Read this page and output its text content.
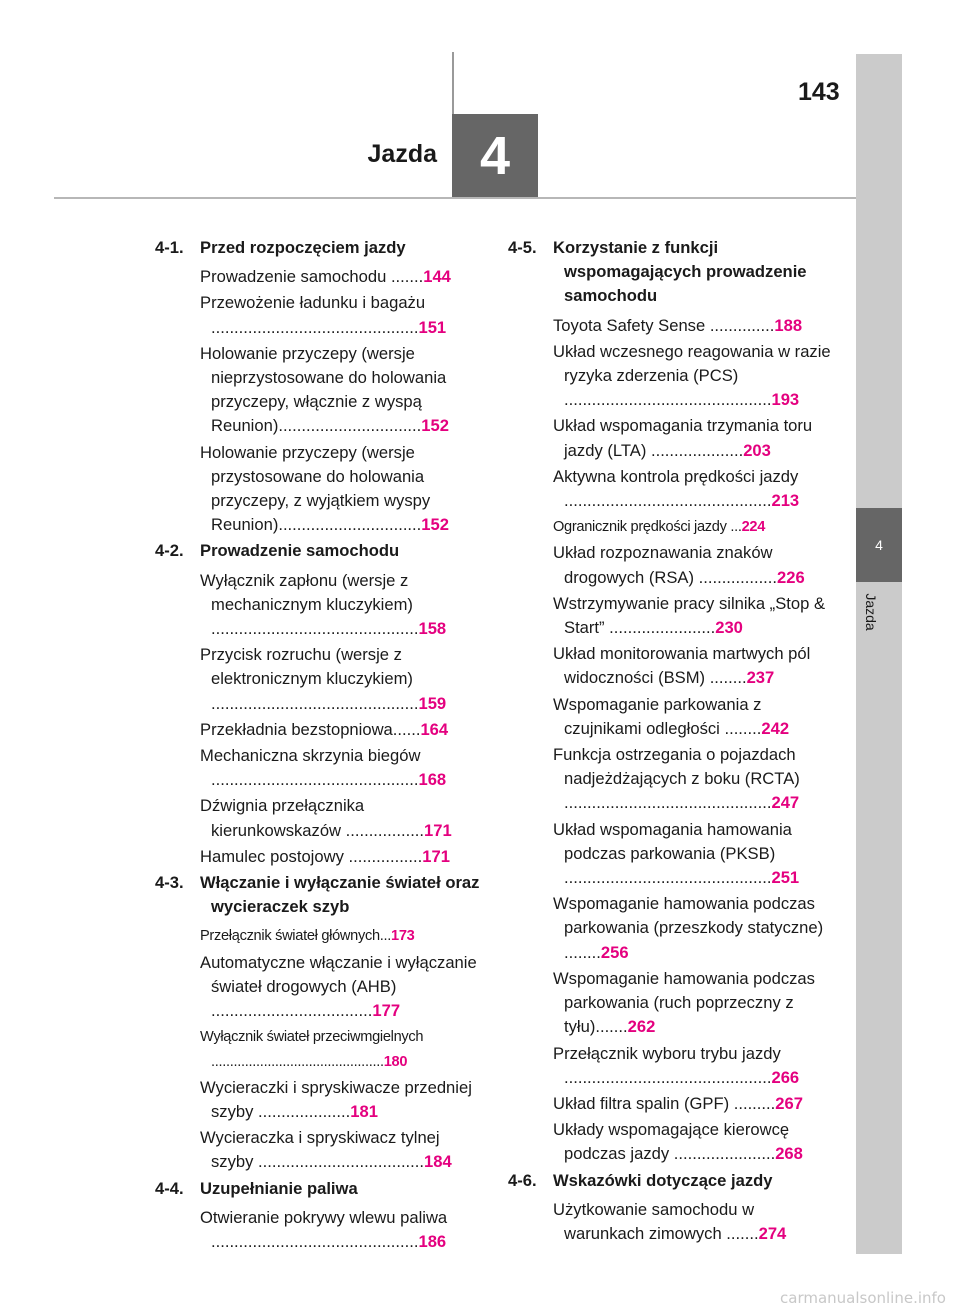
4
Jazda
143
Jazda 4
4-1. Przed rozpoczęciem jazdy
Prowadzenie samochodu .......144
Przewożenie ładunku i bagażu .............................................151
Holowanie przyczepy (wersje nieprzystosowane do holowania przyczepy, włącznie z wyspą Reunion)...............................152
Holowanie przyczepy (wersje przystosowane do holowania przyczepy, z wyjątkiem wyspy Reunion)...............................152
4-2. Prowadzenie samochodu
Wyłącznik zapłonu (wersje z mechanicznym kluczykiem) .............................................158
Przycisk rozruchu (wersje z elektronicznym kluczykiem) .............................................159
Przekładnia bezstopniowa......164
Mechaniczna skrzynia biegów .............................................168
Dźwignia przełącznika kierunkowskazów .................171
Hamulec postojowy ................171
4-3. Włączanie i wyłączanie świateł oraz wycieraczek szyb
Przełącznik świateł głównych...173
Automatyczne włączanie i wyłączanie świateł drogowych (AHB) ...................................177
Wyłącznik świateł przeciwmgielnych ..............................................180
Wycieraczki i spryskiwacze przedniej szyby ....................181
Wycieraczka i spryskiwacz tylnej szyby ....................................184
4-4. Uzupełnianie paliwa
Otwieranie pokrywy wlewu paliwa .............................................186
4-5. Korzystanie z funkcji wspomagających prowadzenie samochodu
Toyota Safety Sense ..............188
Układ wczesnego reagowania w razie ryzyka zderzenia (PCS) .............................................193
Układ wspomagania trzymania toru jazdy (LTA) ....................203
Aktywna kontrola prędkości jazdy .............................................213
Ogranicznik prędkości jazdy ...224
Układ rozpoznawania znaków drogowych (RSA) .................226
Wstrzymywanie pracy silnika „Stop & Start” .......................230
Układ monitorowania martwych pól widoczności (BSM) ........237
Wspomaganie parkowania z czujnikami odległości ........242
Funkcja ostrzegania o pojazdach nadjeżdżających z boku (RCTA) .............................................247
Układ wspomagania hamowania podczas parkowania (PKSB) .............................................251
Wspomaganie hamowania podczas parkowania (przeszkody statyczne) ........256
Wspomaganie hamowania podczas parkowania (ruch poprzeczny z tyłu).......262
Przełącznik wyboru trybu jazdy .............................................266
Układ filtra spalin (GPF) .........267
Układy wspomagające kierowcę podczas jazdy ......................268
4-6. Wskazówki dotyczące jazdy
Użytkowanie samochodu w warunkach zimowych .......274
carmanualsonline.info
